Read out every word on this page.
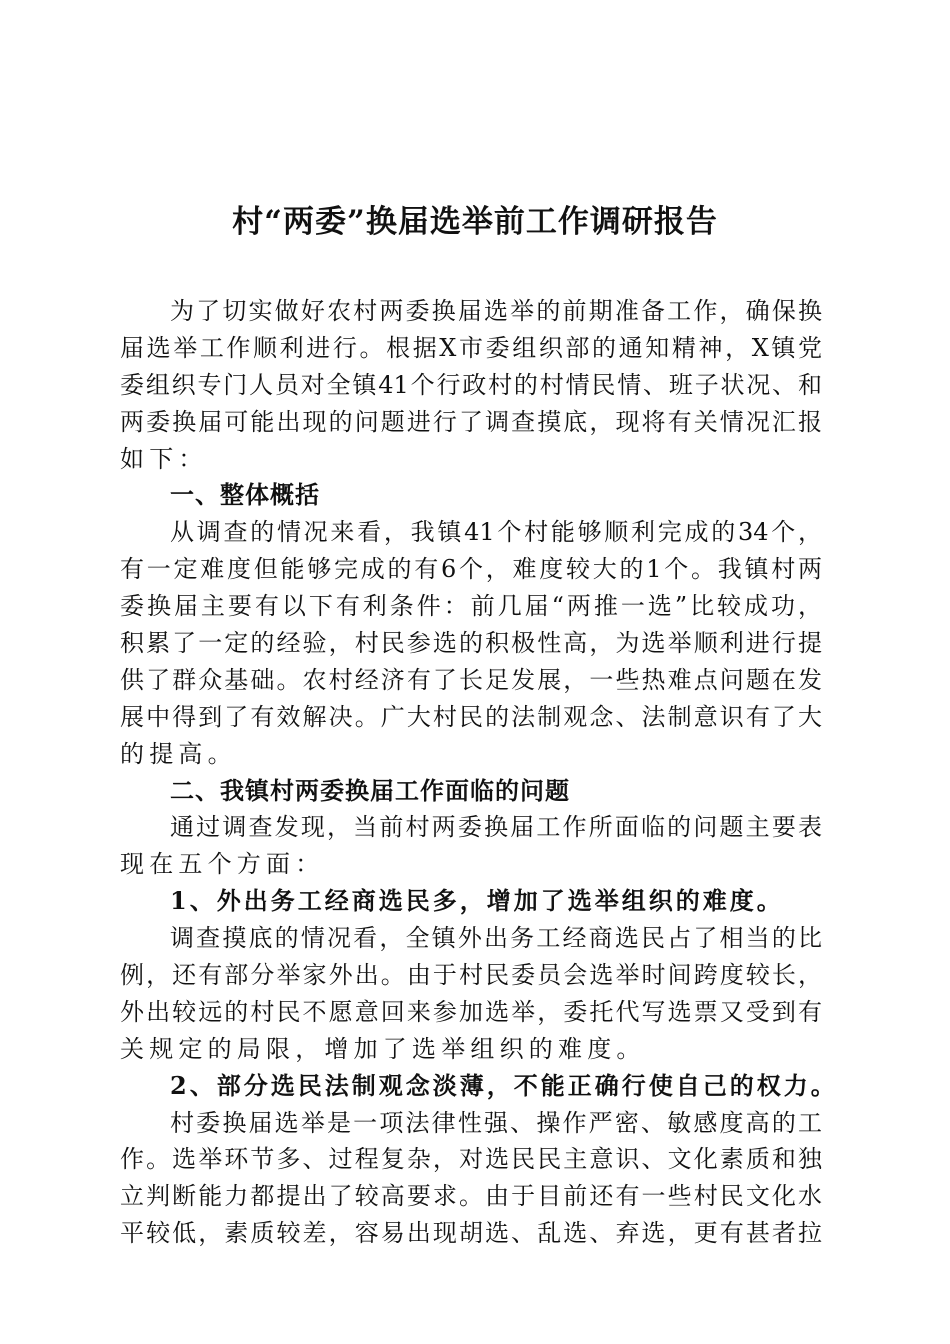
村“两委”换届选举前工作调研报告
为了切实做好农村两委换届选举的前期准备工作，确保换
届选举工作顺利进行。根据X市委组织部的通知精神，X镇党
委组织专门人员对全镇41个行政村的村情民情、班子状况、和
两委换届可能出现的问题进行了调查摸底，现将有关情况汇报
如下：
一、整体概括
从调查的情况来看，我镇41个村能够顺利完成的34个，
有一定难度但能够完成的有6个，难度较大的1个。我镇村两
委换届主要有以下有利条件：前几届“两推一选”比较成功，
积累了一定的经验，村民参选的积极性高，为选举顺利进行提
供了群众基础。农村经济有了长足发展，一些热难点问题在发
展中得到了有效解决。广大村民的法制观念、法制意识有了大
的提高。
二、我镇村两委换届工作面临的问题
通过调查发现，当前村两委换届工作所面临的问题主要表
现在五个方面：
1、外出务工经商选民多，增加了选举组织的难度。
调查摸底的情况看，全镇外出务工经商选民占了相当的比
例，还有部分举家外出。由于村民委员会选举时间跨度较长，
外出较远的村民不愿意回来参加选举，委托代写选票又受到有
关规定的局限，增加了选举组织的难度。
2、部分选民法制观念淡薄，不能正确行使自己的权力。
村委换届选举是一项法律性强、操作严密、敏感度高的工
作。选举环节多、过程复杂，对选民民主意识、文化素质和独
立判断能力都提出了较高要求。由于目前还有一些村民文化水
平较低，素质较差，容易出现胡选、乱选、弃选，更有甚者拉
